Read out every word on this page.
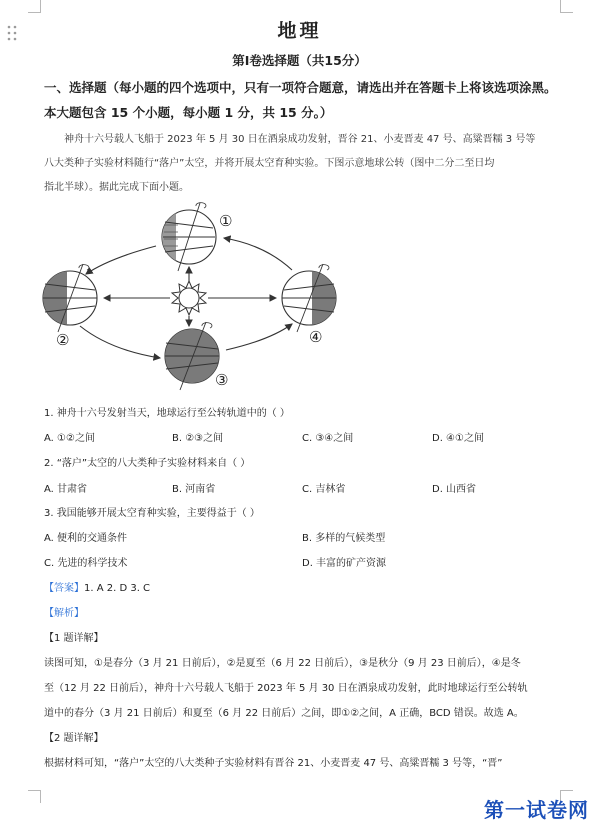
地理
第Ⅰ卷选择题（共15分）
一、选择题（每小题的四个选项中，只有一项符合题意，请选出并在答题卡上将该选项涂黑。
本大题包含 15 个小题，每小题 1 分，共 15 分。）
神舟十六号载人飞船于 2023 年 5 月 30 日在酒泉成功发射，晋谷 21、小麦晋麦 47 号、高粱晋糯 3 号等
八大类种子实验材料随行“落户”太空，并将开展太空育种实验。下图示意地球公转（图中二分二至日均
指北半球）。据此完成下面小题。
①
②
③
④
1. 神舟十六号发射当天，地球运行至公转轨道中的（ ）
A. ①②之间	B. ②③之间	C. ③④之间	D. ④①之间
2. “落户”太空的八大类种子实验材料来自（ ）
A. 甘肃省	B. 河南省	C. 吉林省	D. 山西省
3. 我国能够开展太空育种实验，主要得益于（ ）
A. 便利的交通条件	B. 多样的气候类型
C. 先进的科学技术	D. 丰富的矿产资源
【答案】1. A 2. D 3. C
【解析】
【1 题详解】
读图可知，①是春分（3 月 21 日前后），②是夏至（6 月 22 日前后），③是秋分（9 月 23 日前后），④是冬
至（12 月 22 日前后），神舟十六号载人飞船于 2023 年 5 月 30 日在酒泉成功发射，此时地球运行至公转轨
道中的春分（3 月 21 日前后）和夏至（6 月 22 日前后）之间，即①②之间，A 正确，BCD 错误。故选 A。
【2 题详解】
根据材料可知，“落户”太空的八大类种子实验材料有晋谷 21、小麦晋麦 47 号、高粱晋糯 3 号等，“晋”
第一试卷网
